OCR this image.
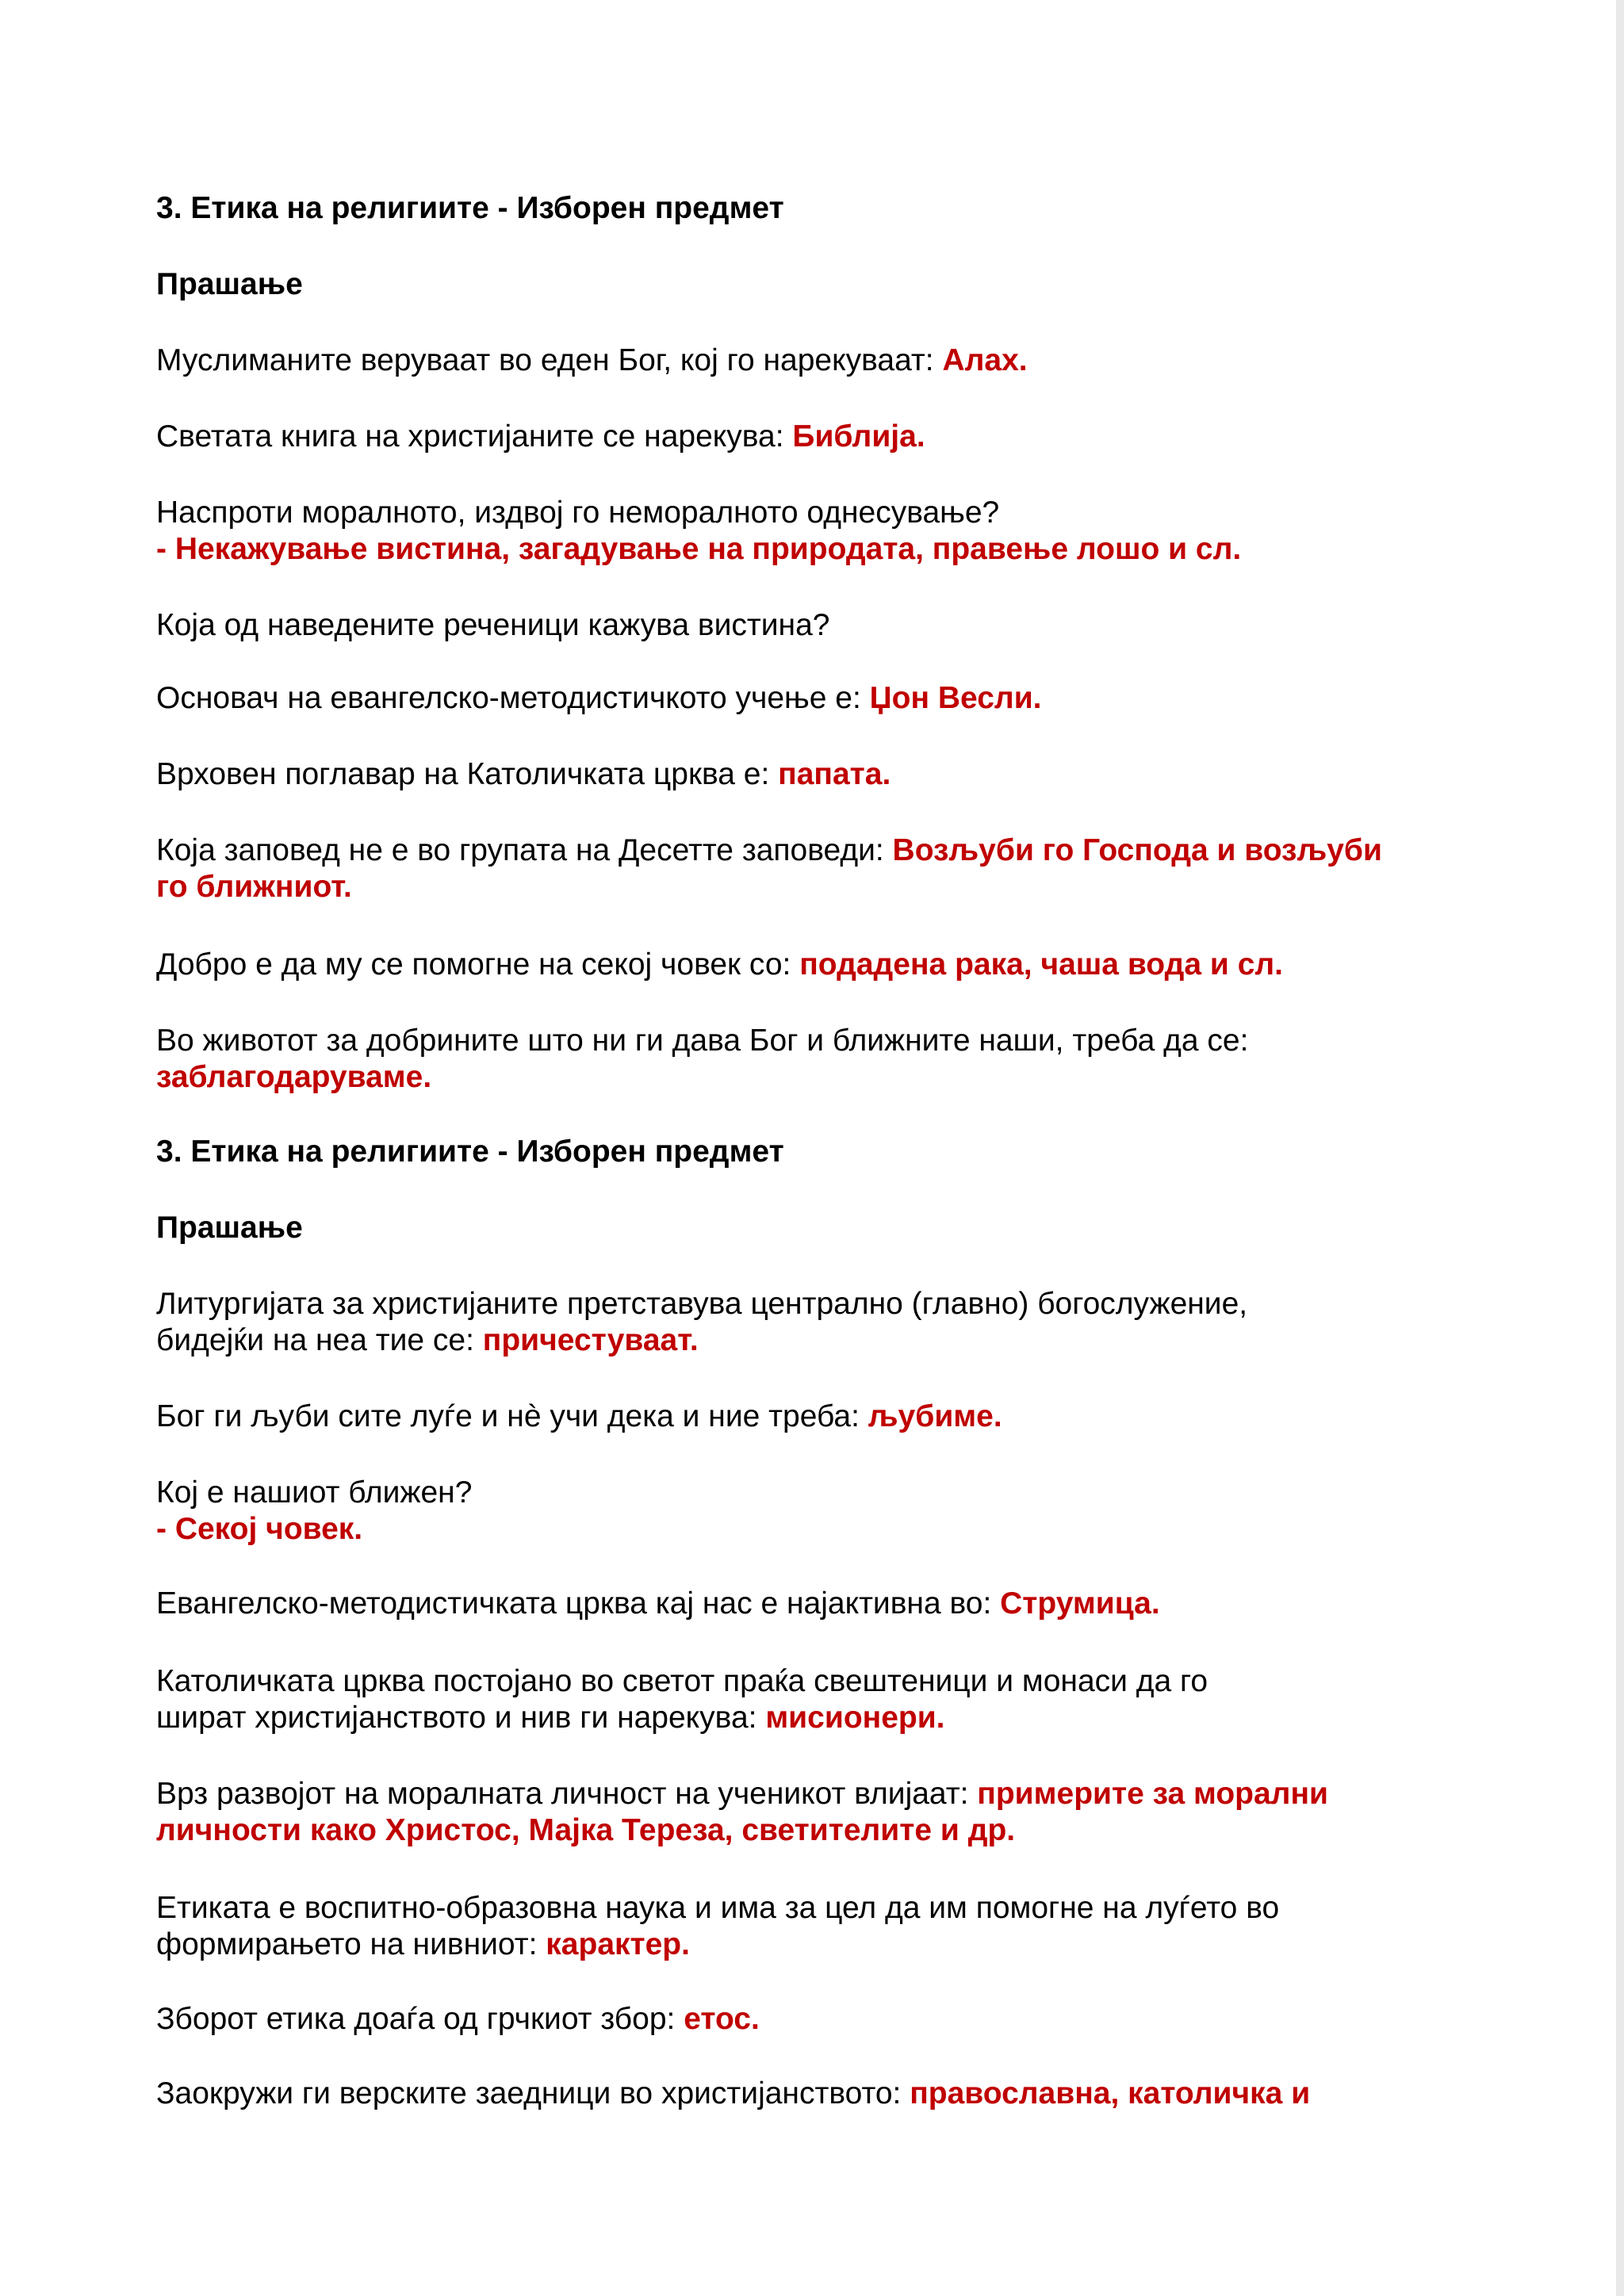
3. Етика на религиите - Изборен предмет
Прашање
Муслиманите веруваат во еден Бог, кој го нарекуваат: Алах.
Светата книга на христијаните се нарекува: Библија.
Наспроти моралното, издвој го неморалното однесување?
- Некажување вистина, загадување на природата, правење лошо и сл.
Која од наведените реченици кажува вистина?
Основач на евангелско-методистичкото учење е: Џон Весли.
Врховен поглавар на Католичката црква е: папата.
Која заповед не е во групата на Десетте заповеди: Возљуби го Господа и возљуби
го ближниот.
Добро е да му се помогне на секој човек со: подадена рака, чаша вода и сл.
Во животот за добрините што ни ги дава Бог и ближните наши, треба да се:
заблагодаруваме.
3. Етика на религиите - Изборен предмет
Прашање
Литургијата за христијаните претставува централно (главно) богослужение,
бидејќи на неа тие се: причестуваат.
Бог ги љуби сите луѓе и нè учи дека и ние треба: љубиме.
Кој е нашиот ближен?
- Секој човек.
Евангелско-методистичката црква кај нас е најактивна во: Струмица.
Католичката црква постојано во светот праќа свештеници и монаси да го
шират христијанството и нив ги нарекува: мисионери.
Врз развојот на моралната личност на ученикот влијаат: примерите за морални
личности како Христос, Мајка Тереза, светителите и др.
Етиката е воспитно-образовна наука и има за цел да им помогне на луѓето во
формирањето на нивниот: карактер.
Зборот етика доаѓа од грчкиот збор: етос.
Заокружи ги верските заедници во христијанството: православна, католичка и
